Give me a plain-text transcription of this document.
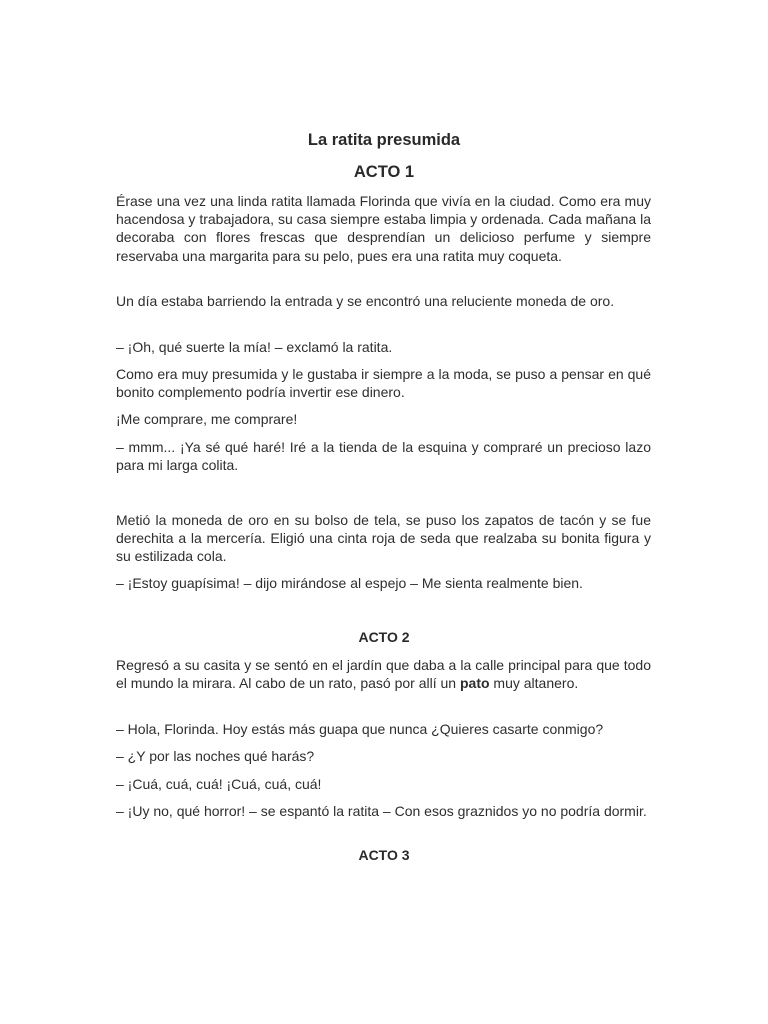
La ratita presumida
ACTO 1
Érase una vez una linda ratita llamada Florinda que vivía en la ciudad. Como era muy hacendosa y trabajadora, su casa siempre estaba limpia y ordenada. Cada mañana la decoraba con flores frescas que desprendían un delicioso perfume y siempre reservaba una margarita para su pelo, pues era una ratita muy coqueta.
Un día estaba barriendo la entrada y se encontró una reluciente moneda de oro.
– ¡Oh, qué suerte la mía! – exclamó la ratita.
Como era muy presumida y le gustaba ir siempre a la moda, se puso a pensar en qué bonito complemento podría invertir ese dinero.
¡Me comprare, me comprare!
– mmm... ¡Ya sé qué haré! Iré a la tienda de la esquina y compraré un precioso lazo para mi larga colita.
Metió la moneda de oro en su bolso de tela, se puso los zapatos de tacón y se fue derechita a la mercería. Eligió una cinta roja de seda que realzaba su bonita figura y su estilizada cola.
– ¡Estoy guapísima! – dijo mirándose al espejo – Me sienta realmente bien.
ACTO 2
Regresó a su casita y se sentó en el jardín que daba a la calle principal para que todo el mundo la mirara. Al cabo de un rato, pasó por allí un pato muy altanero.
– Hola, Florinda. Hoy estás más guapa que nunca ¿Quieres casarte conmigo?
– ¿Y por las noches qué harás?
– ¡Cuá, cuá, cuá! ¡Cuá, cuá, cuá!
– ¡Uy no, qué horror! – se espantó la ratita – Con esos graznidos yo no podría dormir.
ACTO 3
